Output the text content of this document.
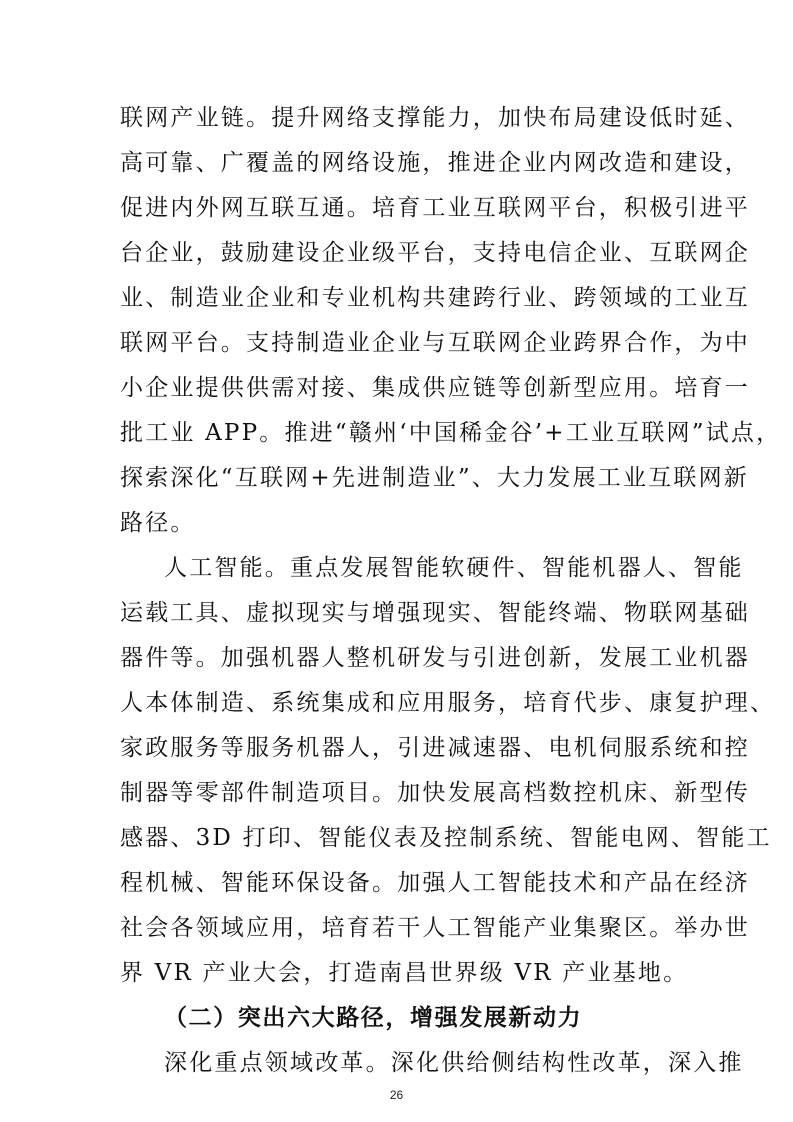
联网产业链。提升网络支撑能力，加快布局建设低时延、
高可靠、广覆盖的网络设施，推进企业内网改造和建设，
促进内外网互联互通。培育工业互联网平台，积极引进平
台企业，鼓励建设企业级平台，支持电信企业、互联网企
业、制造业企业和专业机构共建跨行业、跨领域的工业互
联网平台。支持制造业企业与互联网企业跨界合作，为中
小企业提供供需对接、集成供应链等创新型应用。培育一
批工业 APP。推进“赣州‘中国稀金谷’+工业互联网”试点，
探索深化“互联网+先进制造业”、大力发展工业互联网新
路径。
人工智能。重点发展智能软硬件、智能机器人、智能
运载工具、虚拟现实与增强现实、智能终端、物联网基础
器件等。加强机器人整机研发与引进创新，发展工业机器
人本体制造、系统集成和应用服务，培育代步、康复护理、
家政服务等服务机器人，引进减速器、电机伺服系统和控
制器等零部件制造项目。加快发展高档数控机床、新型传
感器、3D 打印、智能仪表及控制系统、智能电网、智能工
程机械、智能环保设备。加强人工智能技术和产品在经济
社会各领域应用，培育若干人工智能产业集聚区。举办世
界 VR 产业大会，打造南昌世界级 VR 产业基地。
（二）突出六大路径，增强发展新动力
深化重点领域改革。深化供给侧结构性改革，深入推
26
